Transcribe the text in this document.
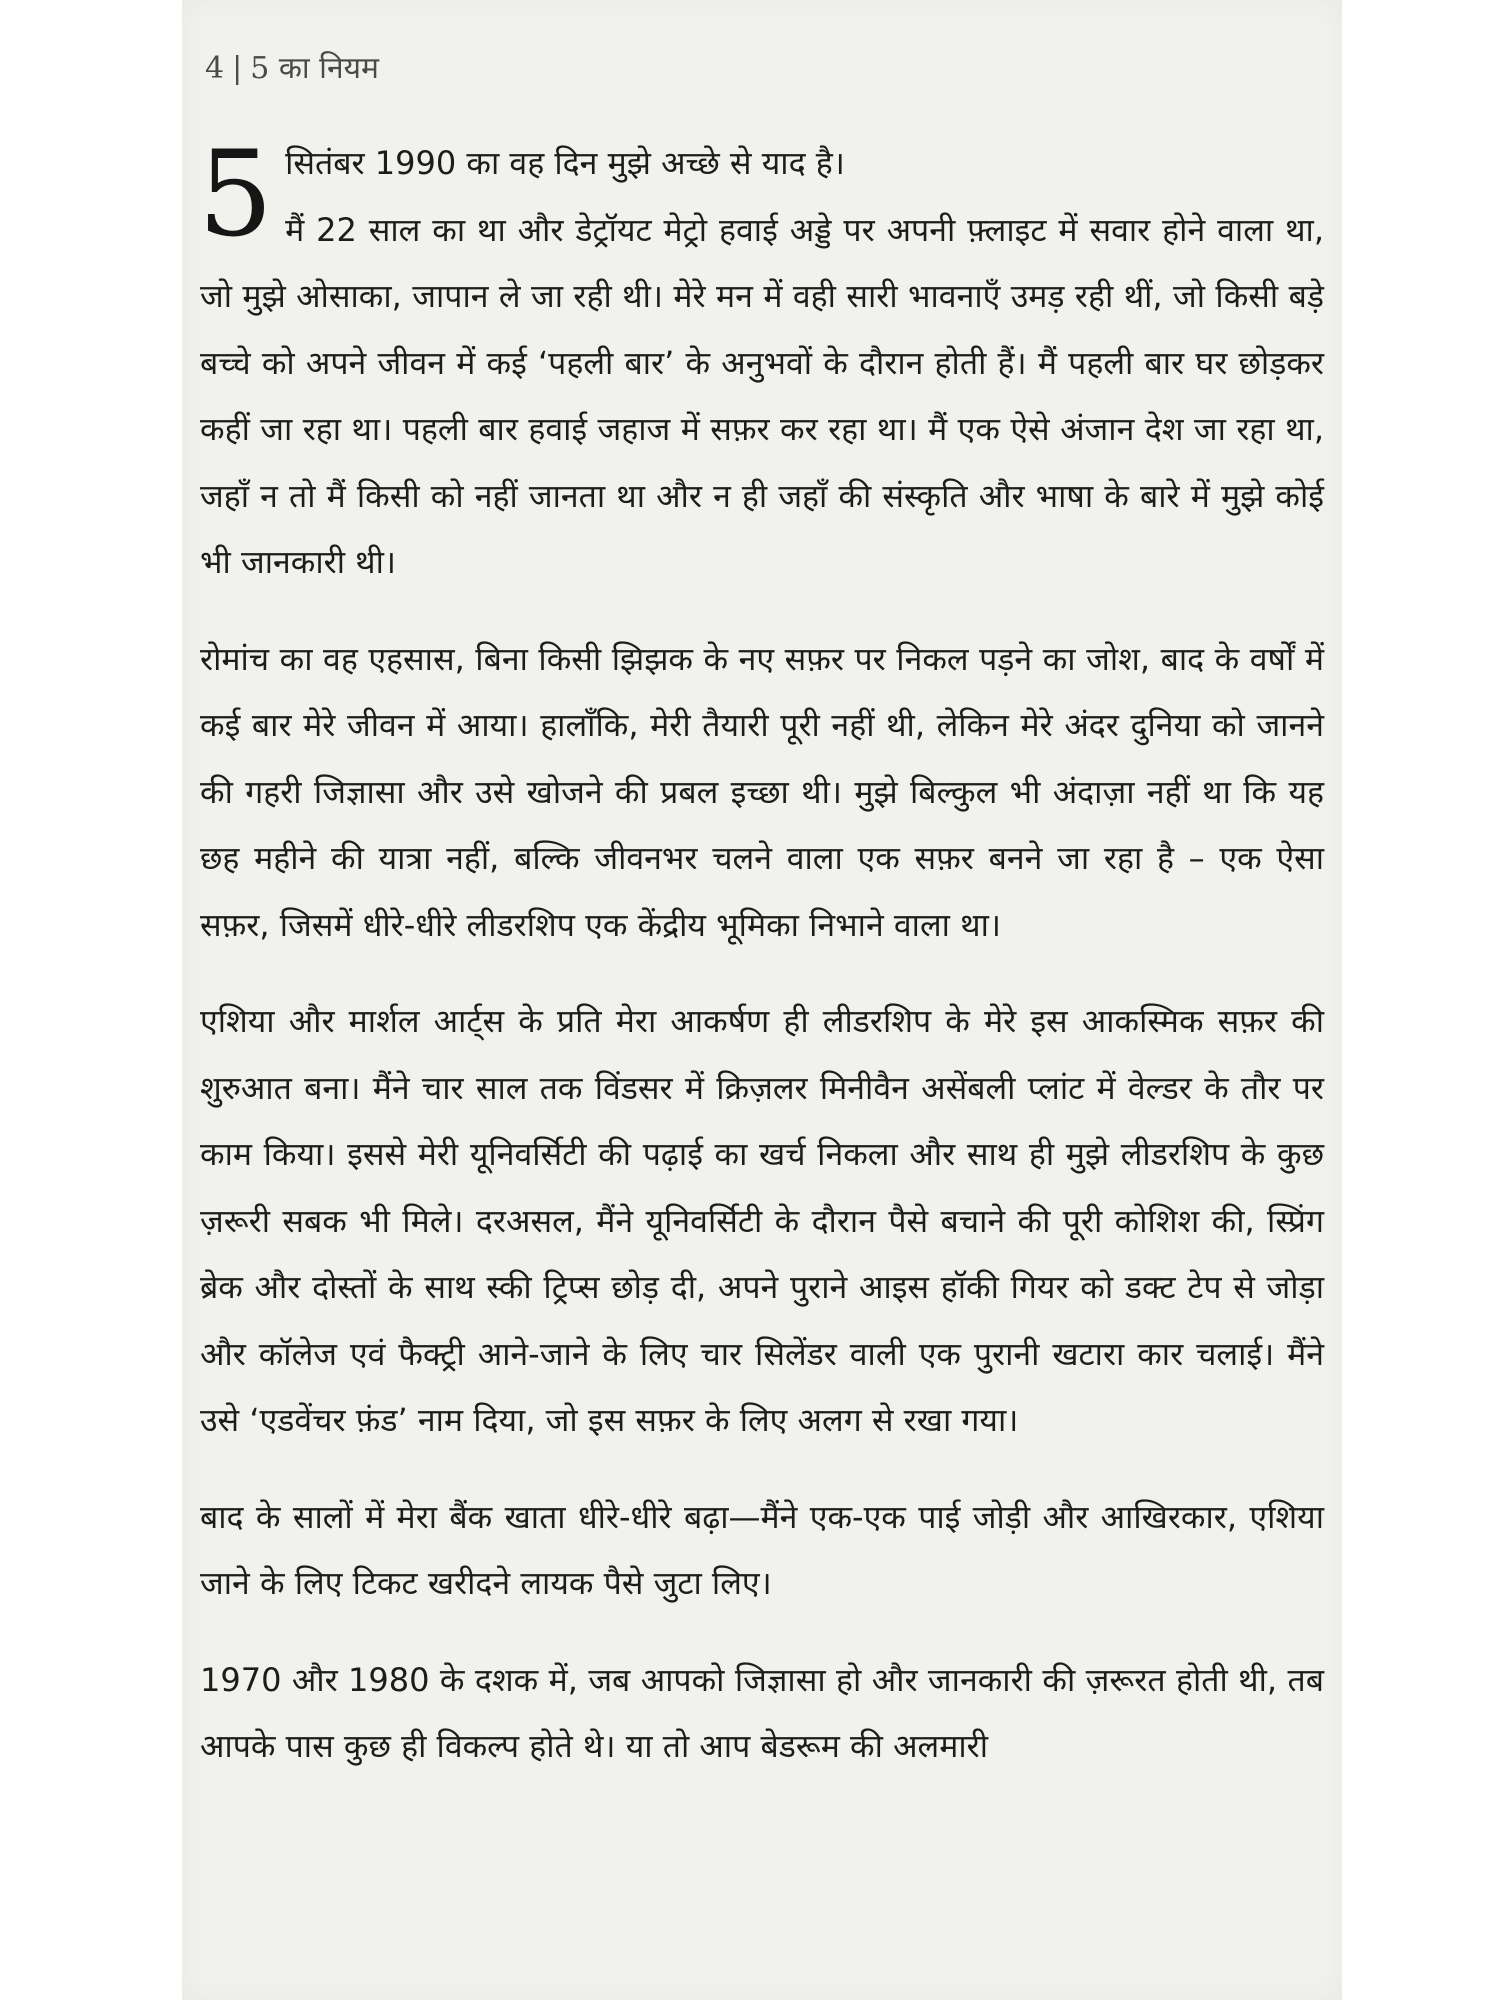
4 | 5 का नियम

5 सितंबर 1990 का वह दिन मुझे अच्छे से याद है।
मैं 22 साल का था और डेट्रॉयट मेट्रो हवाई अड्डे पर अपनी फ़्लाइट में सवार होने वाला था, जो मुझे ओसाका, जापान ले जा रही थी। मेरे मन में वही सारी भावनाएँ उमड़ रही थीं, जो किसी बड़े बच्चे को अपने जीवन में कई ‘पहली बार’ के अनुभवों के दौरान होती हैं। मैं पहली बार घर छोड़कर कहीं जा रहा था। पहली बार हवाई जहाज में सफ़र कर रहा था। मैं एक ऐसे अंजान देश जा रहा था, जहाँ न तो मैं किसी को नहीं जानता था और न ही जहाँ की संस्कृति और भाषा के बारे में मुझे कोई भी जानकारी थी।

रोमांच का वह एहसास, बिना किसी झिझक के नए सफ़र पर निकल पड़ने का जोश, बाद के वर्षों में कई बार मेरे जीवन में आया। हालाँकि, मेरी तैयारी पूरी नहीं थी, लेकिन मेरे अंदर दुनिया को जानने की गहरी जिज्ञासा और उसे खोजने की प्रबल इच्छा थी। मुझे बिल्कुल भी अंदाज़ा नहीं था कि यह छह महीने की यात्रा नहीं, बल्कि जीवनभर चलने वाला एक सफ़र बनने जा रहा है – एक ऐसा सफ़र, जिसमें धीरे-धीरे लीडरशिप एक केंद्रीय भूमिका निभाने वाला था।

एशिया और मार्शल आर्ट्स के प्रति मेरा आकर्षण ही लीडरशिप के मेरे इस आकस्मिक सफ़र की शुरुआत बना। मैंने चार साल तक विंडसर में क्रिज़लर मिनीवैन असेंबली प्लांट में वेल्डर के तौर पर काम किया। इससे मेरी यूनिवर्सिटी की पढ़ाई का खर्च निकला और साथ ही मुझे लीडरशिप के कुछ ज़रूरी सबक भी मिले। दरअसल, मैंने यूनिवर्सिटी के दौरान पैसे बचाने की पूरी कोशिश की, स्प्रिंग ब्रेक और दोस्तों के साथ स्की ट्रिप्स छोड़ दी, अपने पुराने आइस हॉकी गियर को डक्ट टेप से जोड़ा और कॉलेज एवं फैक्ट्री आने-जाने के लिए चार सिलेंडर वाली एक पुरानी खटारा कार चलाई। मैंने उसे ‘एडवेंचर फ़ंड’ नाम दिया, जो इस सफ़र के लिए अलग से रखा गया।

बाद के सालों में मेरा बैंक खाता धीरे-धीरे बढ़ा—मैंने एक-एक पाई जोड़ी और आखिरकार, एशिया जाने के लिए टिकट खरीदने लायक पैसे जुटा लिए।

1970 और 1980 के दशक में, जब आपको जिज्ञासा हो और जानकारी की ज़रूरत होती थी, तब आपके पास कुछ ही विकल्प होते थे। या तो आप बेडरूम की अलमारी
